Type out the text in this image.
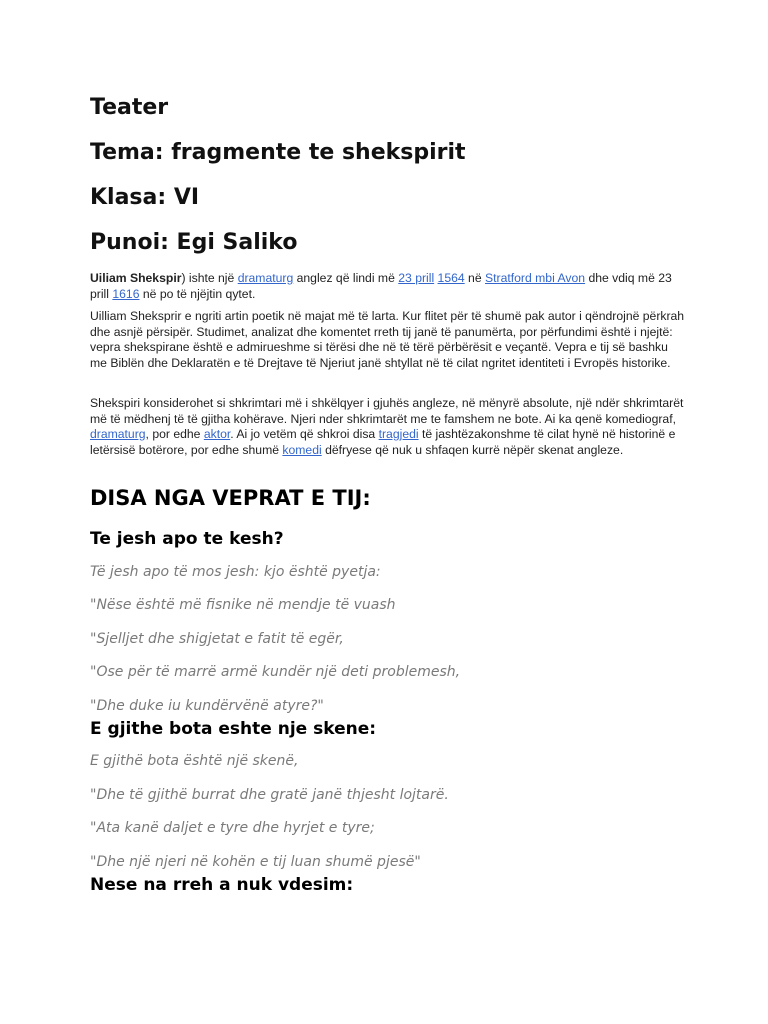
Teater
Tema: fragmente te shekspirit
Klasa: VI
Punoi: Egi Saliko

Uiliam Shekspir) ishte një dramaturg anglez që lindi më 23 prill 1564 në Stratford mbi Avon dhe vdiq më 23 prill 1616 në po të njëjtin qytet.

Uilliam Sheksprir e ngriti artin poetik në majat më të larta. Kur flitet për të shumë pak autor i qëndrojnë përkrah dhe asnjë përsipër. Studimet, analizat dhe komentet rreth tij janë të panumërta, por përfundimi është i njejtë: vepra shekspirane është e admirueshme si tërësi dhe në të tërë përbërësit e veçantë. Vepra e tij së bashku me Biblën dhe Deklaratën e të Drejtave të Njeriut janë shtyllat në të cilat ngritet identiteti i Evropës historike.

Shekspiri konsiderohet si shkrimtari më i shkëlqyer i gjuhës angleze, në mënyrë absolute, një ndër shkrimtarët më të mëdhenj të të gjitha kohërave. Njeri nder shkrimtarët me te famshem ne bote. Ai ka qenë komediograf, dramaturg, por edhe aktor. Ai jo vetëm që shkroi disa tragjedi të jashtëzakonshme të cilat hynë në historinë e letërsisë botërore, por edhe shumë komedi dëfryese që nuk u shfaqen kurrë nëpër skenat angleze.

DISA NGA VEPRAT E TIJ:
Te jesh apo te kesh?

Të jesh apo të mos jesh: kjo është pyetja:

"Nëse është më fisnike në mendje të vuash

"Sjelljet dhe shigjetat e fatit të egër,

"Ose për të marrë armë kundër një deti problemesh,

"Dhe duke iu kundërvënë atyre?"

E gjithe bota eshte nje skene:

E gjithë bota është një skenë,

"Dhe të gjithë burrat dhe gratë janë thjesht lojtarë.

"Ata kanë daljet e tyre dhe hyrjet e tyre;

"Dhe një njeri në kohën e tij luan shumë pjesë"

Nese na rreh a nuk vdesim:
